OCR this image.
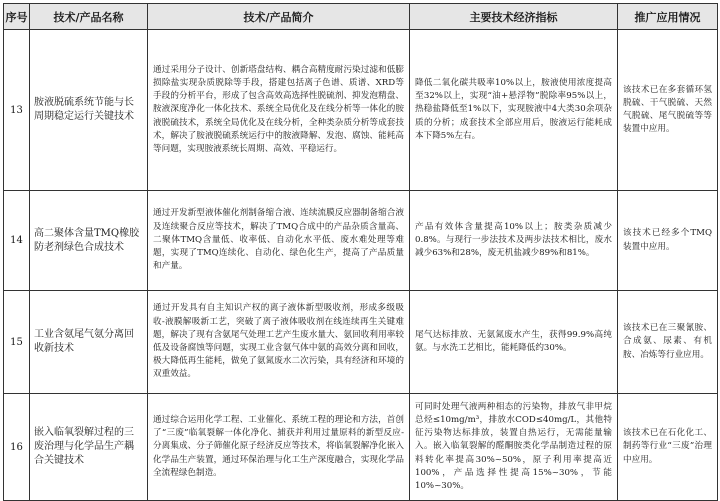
序号	技术/产品名称	技术/产品简介	主要技术经济指标	推广应用情况
13	胺液脱硫系统节能与长周期稳定运行关键技术	通过采用分子设计、创新塔盘结构、耦合高精度耐污染过滤和低膨损除盐实现杂质脱除等手段，搭建包括离子色谱、质谱、XRD等手段的分析平台，形成了包含高效高选择性脱硫剂、抑发泡精盘、胺液深度净化一体化技术、系统全局优化及在线分析等一体化的胺液脱硫技术，系统全局优化及在线分析，全种类杂质分析等成套技术，解决了胺液脱硫系统运行中的胺液降解、发泡、腐蚀、能耗高等问题，实现胺液系统长周期、高效、平稳运行。	降低二氧化碳共吸率10%以上，胺液使用浓度提高至32%以上，实现“油+悬浮物”脱除率95%以上，热稳盐降低至1%以下，实现胺液中4大类30余项杂质的分析；成套技术全部应用后，胺液运行能耗成本下降5%左右。	该技术已在多套循环氢脱硫、干气脱硫、天然气脱硫、尾气脱硫等等装置中应用。
14	高二聚体含量TMQ橡胶防老剂绿色合成技术	通过开发新型液体催化剂制备缩合液、连续流膜反应器制备缩合液及连续聚合反应等技术，解决了TMQ合成中的产品杂质含量高、二聚体TMQ含量低、收率低、自动化水平低、废水难处理等难题，实现了TMQ连续化、自动化、绿色化生产，提高了产品质量和产量。	产品有效体含量提高10%以上；胺类杂质减少0.8%。与现行一步法技术及两步法技术相比，废水减少63%和28%，废无机盐减少89%和81%。	该技术已经多个TMQ装置中应用。
15	工业含氨尾气氨分离回收新技术	通过开发具有自主知识产权的离子液体新型吸收剂，形成多级吸收-液膜解吸新工艺，突破了离子液体吸收剂在线连续再生关键难题，解决了现有含氨尾气处理工艺产生废水量大、氨回收利用率较低及设备腐蚀等问题，实现工业含氨气体中氨的高效分离和回收，极大降低再生能耗，做免了氨氮废水二次污染，具有经济和环境的双重效益。	尾气达标排放、无氨氮废水产生，获得99.9%高纯氨。与水洗工艺相比，能耗降低约30%。	该技术已在三聚氰胺、合成氨、尿素、有机胺、冶炼等行业应用。
16	嵌入临氧裂解过程的三废治理与化学品生产耦合关键技术	通过综合运用化学工程、工业催化、系统工程的理论和方法，首创了“三废”临氧裂解一体化净化、捕获并利用过量原料的新型反应-分离集成、分子筛催化原子经济反应等技术，将临氧裂解净化嵌入化学品生产装置，通过环保治理与化工生产深度融合，实现化学品全流程绿色制造。	可同时处理气液两种相态的污染物，排放气非甲烷总烃≤10mg/m³，排放水COD≤40mg/L，其他特征污染物达标排放，装置自热运行，无需能量输入。嵌入临氧裂解的醛酮胺类化学品制造过程的原料转化率提高30%~50%，原子利用率提高近100%，产品选择性提高15%~30%，节能10%~30%。	该技术已在石化化工、制药等行业“三废”治理中应用。
